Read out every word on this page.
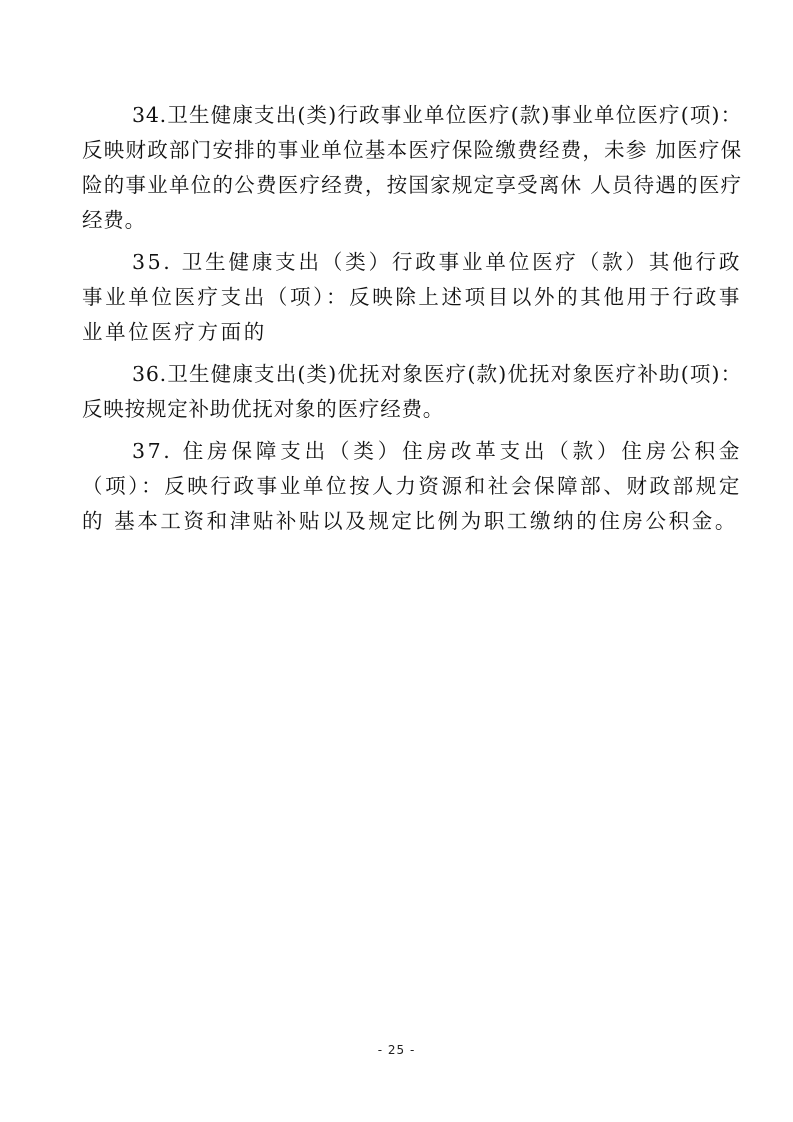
34.卫生健康支出(类)行政事业单位医疗(款)事业单位医疗(项)：反映财政部门安排的事业单位基本医疗保险缴费经费，未参 加医疗保险的事业单位的公费医疗经费，按国家规定享受离休 人员待遇的医疗经费。

35. 卫生健康支出（类）行政事业单位医疗（款）其他行政事业单位医疗支出（项）：反映除上述项目以外的其他用于行政事业单位医疗方面的

36.卫生健康支出(类)优抚对象医疗(款)优抚对象医疗补助(项)：反映按规定补助优抚对象的医疗经费。

37. 住房保障支出（类）住房改革支出（款）住房公积金（项）：反映行政事业单位按人力资源和社会保障部、财政部规定的 基本工资和津贴补贴以及规定比例为职工缴纳的住房公积金。

- 25 -
